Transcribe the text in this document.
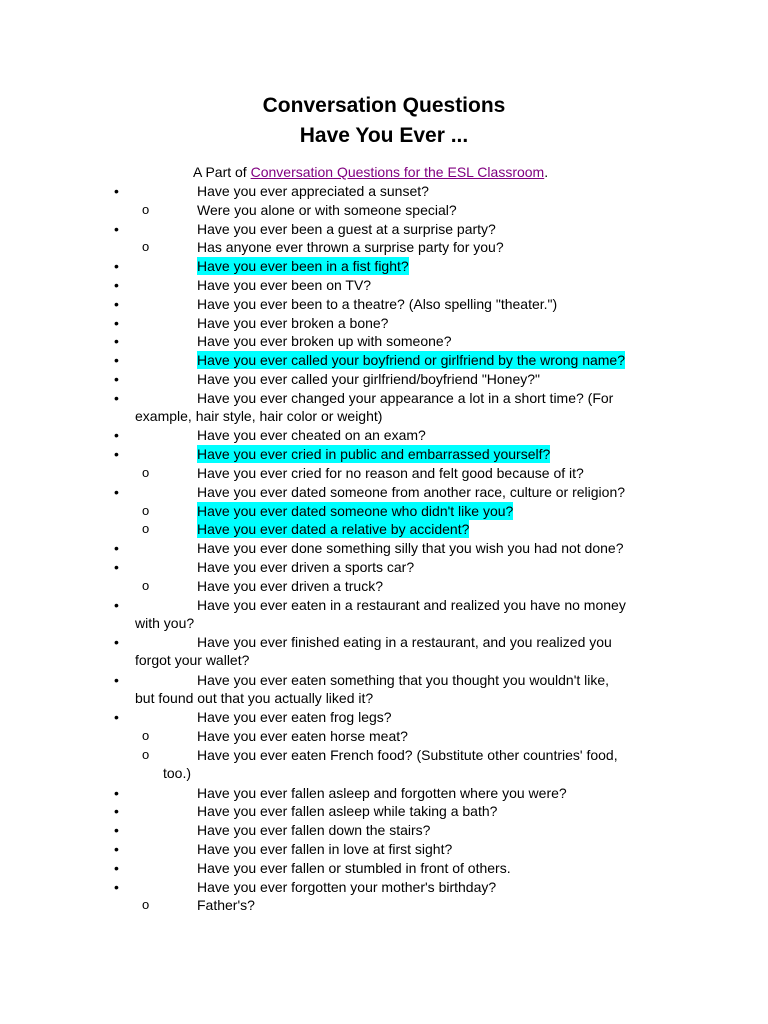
Conversation Questions
Have You Ever ...
A Part of Conversation Questions for the ESL Classroom.
•	Have you ever appreciated a sunset?
o	Were you alone or with someone special?
•	Have you ever been a guest at a surprise party?
o	Has anyone ever thrown a surprise party for you?
•	Have you ever been in a fist fight?
•	Have you ever been on TV?
•	Have you ever been to a theatre? (Also spelling "theater.")
•	Have you ever broken a bone?
•	Have you ever broken up with someone?
•	Have you ever called your boyfriend or girlfriend by the wrong name?
•	Have you ever called your girlfriend/boyfriend "Honey?"
•	Have you ever changed your appearance a lot in a short time? (For
example, hair style, hair color or weight)
•	Have you ever cheated on an exam?
•	Have you ever cried in public and embarrassed yourself?
o	Have you ever cried for no reason and felt good because of it?
•	Have you ever dated someone from another race, culture or religion?
o	Have you ever dated someone who didn't like you?
o	Have you ever dated a relative by accident?
•	Have you ever done something silly that you wish you had not done?
•	Have you ever driven a sports car?
o	Have you ever driven a truck?
•	Have you ever eaten in a restaurant and realized you have no money
with you?
•	Have you ever finished eating in a restaurant, and you realized you
forgot your wallet?
•	Have you ever eaten something that you thought you wouldn't like,
but found out that you actually liked it?
•	Have you ever eaten frog legs?
o	Have you ever eaten horse meat?
o	Have you ever eaten French food? (Substitute other countries' food,
too.)
•	Have you ever fallen asleep and forgotten where you were?
•	Have you ever fallen asleep while taking a bath?
•	Have you ever fallen down the stairs?
•	Have you ever fallen in love at first sight?
•	Have you ever fallen or stumbled in front of others.
•	Have you ever forgotten your mother's birthday?
o	Father's?
